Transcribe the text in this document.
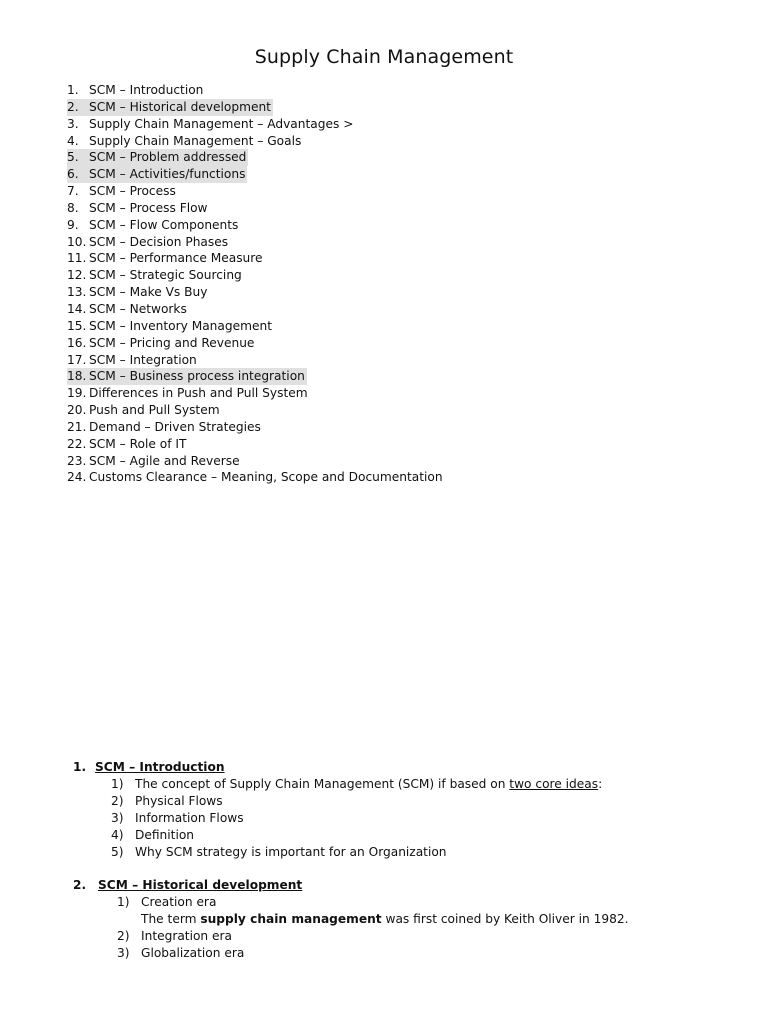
Supply Chain Management
1. SCM – Introduction
2. SCM – Historical development
3. Supply Chain Management – Advantages >
4. Supply Chain Management – Goals
5. SCM – Problem addressed
6. SCM – Activities/functions
7. SCM – Process
8. SCM – Process Flow
9. SCM – Flow Components
10. SCM – Decision Phases
11. SCM – Performance Measure
12. SCM – Strategic Sourcing
13. SCM – Make Vs Buy
14. SCM – Networks
15. SCM – Inventory Management
16. SCM – Pricing and Revenue
17. SCM – Integration
18. SCM – Business process integration
19. Differences in Push and Pull System
20. Push and Pull System
21. Demand – Driven Strategies
22. SCM – Role of IT
23. SCM – Agile and Reverse
24. Customs Clearance – Meaning, Scope and Documentation
1. SCM – Introduction
1) The concept of Supply Chain Management (SCM) if based on two core ideas:
2) Physical Flows
3) Information Flows
4) Definition
5) Why SCM strategy is important for an Organization
2. SCM – Historical development
1) Creation era
The term supply chain management was first coined by Keith Oliver in 1982.
2) Integration era
3) Globalization era
